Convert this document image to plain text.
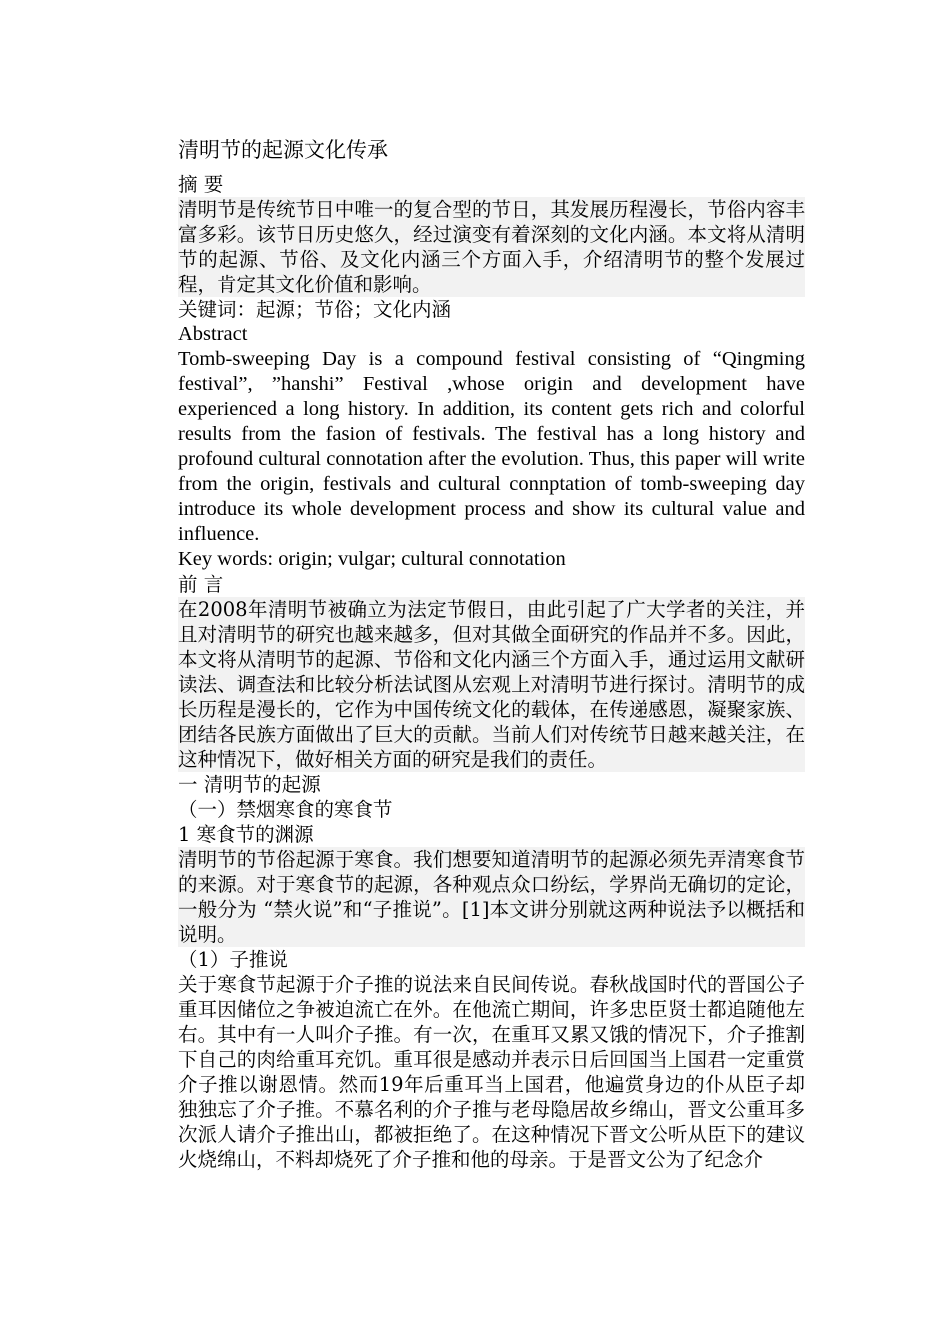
清明节的起源文化传承

摘 要

清明节是传统节日中唯一的复合型的节日，其发展历程漫长，节俗内容丰富多彩。该节日历史悠久，经过演变有着深刻的文化内涵。本文将从清明节的起源、节俗、及文化内涵三个方面入手，介绍清明节的整个发展过程，肯定其文化价值和影响。

关键词：起源；节俗；文化内涵

Abstract

Tomb-sweeping Day is a compound festival consisting of “Qingming festival”, ”hanshi” Festival ,whose origin and development have experienced a long history. In addition, its content gets rich and colorful results from the fasion of festivals. The festival has a long history and profound cultural connotation after the evolution. Thus, this paper will write from the origin, festivals and cultural connptation of tomb-sweeping day introduce its whole development process and show its cultural value and influence.

Key words: origin; vulgar; cultural connotation

前 言

在2008年清明节被确立为法定节假日，由此引起了广大学者的关注，并且对清明节的研究也越来越多，但对其做全面研究的作品并不多。因此，本文将从清明节的起源、节俗和文化内涵三个方面入手，通过运用文献研读法、调查法和比较分析法试图从宏观上对清明节进行探讨。清明节的成长历程是漫长的，它作为中国传统文化的载体，在传递感恩，凝聚家族、团结各民族方面做出了巨大的贡献。当前人们对传统节日越来越关注，在这种情况下，做好相关方面的研究是我们的责任。

一 清明节的起源

（一）禁烟寒食的寒食节

1 寒食节的渊源

清明节的节俗起源于寒食。我们想要知道清明节的起源必须先弄清寒食节的来源。对于寒食节的起源，各种观点众口纷纭，学界尚无确切的定论，一般分为 “禁火说”和“子推说”。[1]本文讲分别就这两种说法予以概括和说明。

（1）子推说

关于寒食节起源于介子推的说法来自民间传说。春秋战国时代的晋国公子重耳因储位之争被迫流亡在外。在他流亡期间，许多忠臣贤士都追随他左右。其中有一人叫介子推。有一次，在重耳又累又饿的情况下，介子推割下自己的肉给重耳充饥。重耳很是感动并表示日后回国当上国君一定重赏介子推以谢恩情。然而19年后重耳当上国君，他遍赏身边的仆从臣子却独独忘了介子推。不慕名利的介子推与老母隐居故乡绵山，晋文公重耳多次派人请介子推出山，都被拒绝了。在这种情况下晋文公听从臣下的建议火烧绵山，不料却烧死了介子推和他的母亲。于是晋文公为了纪念介
